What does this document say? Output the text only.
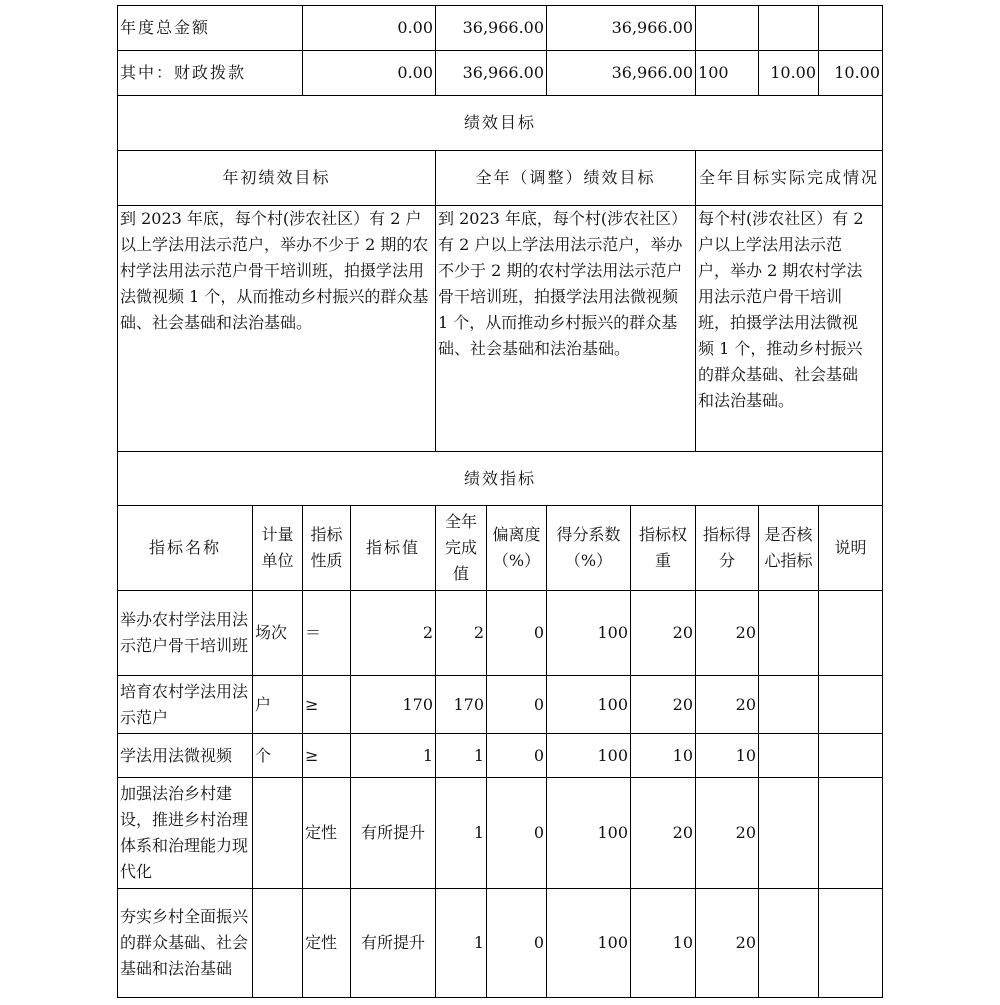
年度总金额		0.00		36,966.00		36,966.00				
其中：财政拨款		0.00		36,966.00		36,966.00		100	10.00	10.00
绩效目标										
年初绩效目标				全年（调整）绩效目标				全年目标实际完成情况		
到 2023 年底，每个村(涉农社区）有 2 户以上学法用法示范户，举办不少于 2 期的农村学法用法示范户骨干培训班，拍摄学法用法微视频 1 个，从而推动乡村振兴的群众基础、社会基础和法治基础。				到 2023 年底，每个村(涉农社区）有 2 户以上学法用法示范户，举办不少于 2 期的农村学法用法示范户骨干培训班，拍摄学法用法微视频 1 个，从而推动乡村振兴的群众基础、社会基础和法治基础。				每个村(涉农社区）有 2 户以上学法用法示范户，举办 2 期农村学法用法示范户骨干培训班，拍摄学法用法微视频 1 个，推动乡村振兴的群众基础、社会基础和法治基础。		
绩效指标										
指标名称	计量单位	指标性质	指标值	全年完成值	偏离度（%）	得分系数（%）	指标权重	指标得分	是否核心指标	说明
举办农村学法用法示范户骨干培训班	场次	＝	2	2	0	100	20	20		
培育农村学法用法示范户	户	≥	170	170	0	100	20	20		
学法用法微视频	个	≥	1	1	0	100	10	10		
加强法治乡村建设，推进乡村治理体系和治理能力现代化		定性	有所提升	1	0	100	20	20		
夯实乡村全面振兴的群众基础、社会基础和法治基础		定性	有所提升	1	0	100	10	20		
